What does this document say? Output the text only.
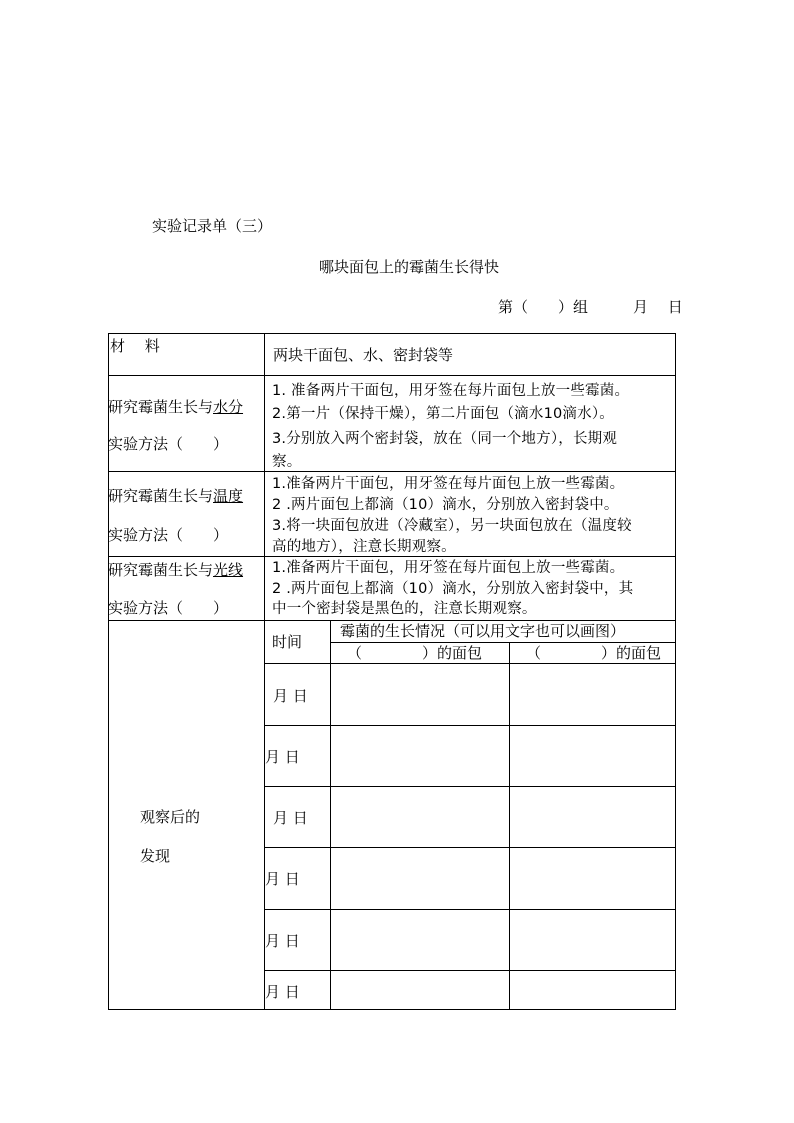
实验记录单（三）
哪块面包上的霉菌生长得快
第（　　）组　　　月　 日
材　 料	两块干面包、水、密封袋等
研究霉菌生长与水分
实验方法（　　）
1. 准备两片干面包，用牙签在每片面包上放一些霉菌。
2.第一片（保持干燥），第二片面包（滴水10滴水）。
3.分别放入两个密封袋，放在（同一个地方），长期观
察。
研究霉菌生长与温度
实验方法（　　）
1.准备两片干面包，用牙签在每片面包上放一些霉菌。
2 .两片面包上都滴（10）滴水，分别放入密封袋中。
3.将一块面包放进（冷藏室），另一块面包放在（温度较
高的地方），注意长期观察。
研究霉菌生长与光线
实验方法（　　）
1.准备两片干面包，用牙签在每片面包上放一些霉菌。
2 .两片面包上都滴（10）滴水，分别放入密封袋中，其
中一个密封袋是黑色的，注意长期观察。
观察后的
发现
时间
霉菌的生长情况（可以用文字也可以画图）
（　　　　）的面包	（　　　　）的面包
月 日
月 日
月 日
月 日
月 日
月 日
